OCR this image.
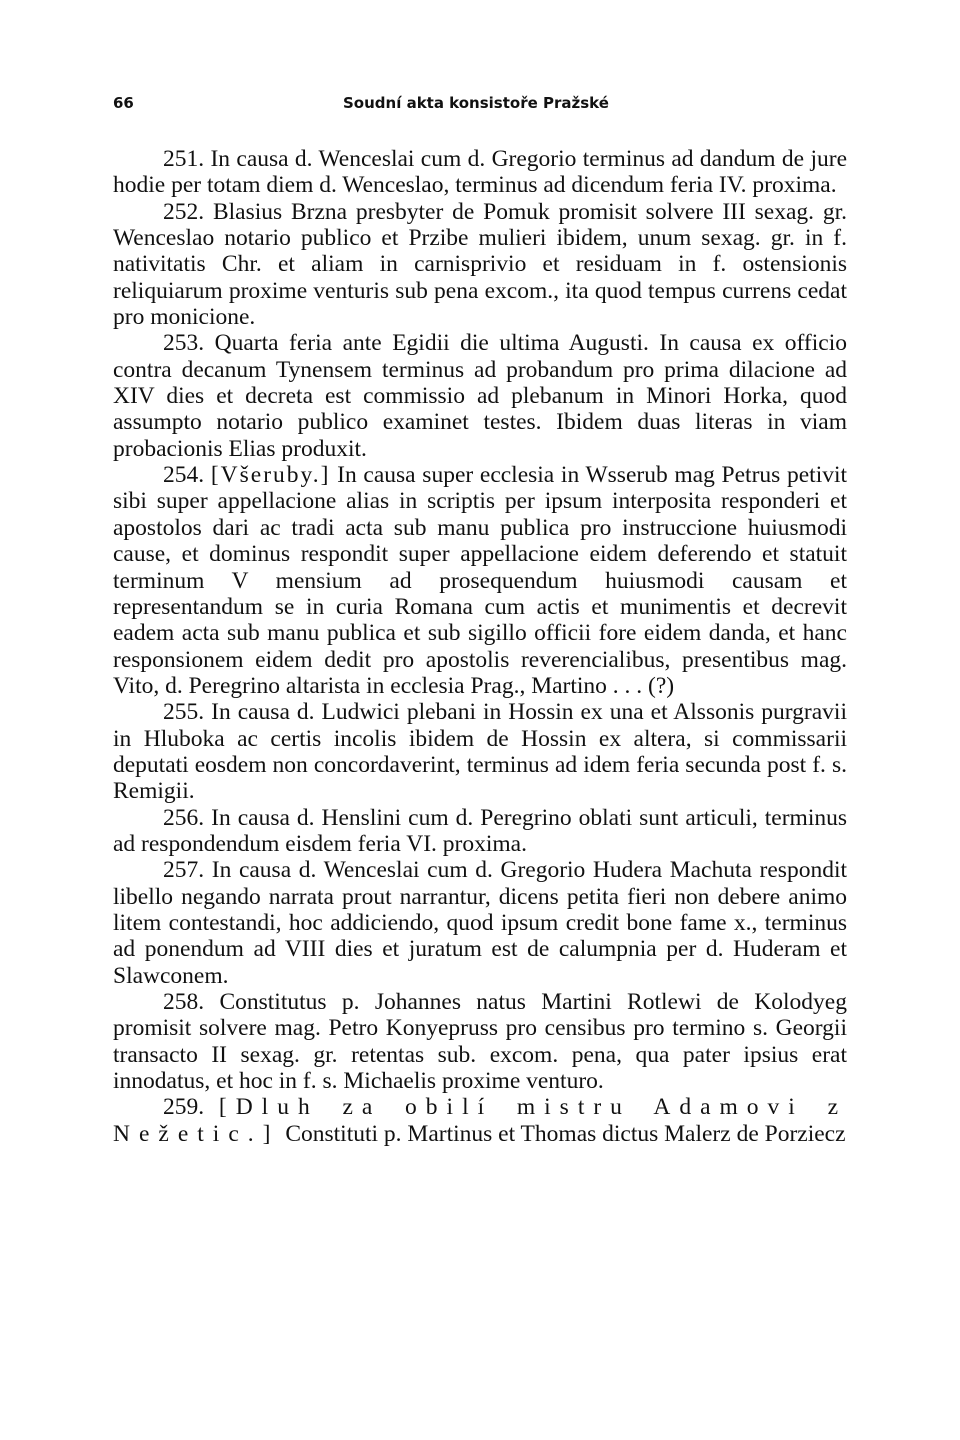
66	Soudní akta konsistoře Pražské

251. In causa d. Wenceslai cum d. Gregorio terminus ad dandum de jure hodie per totam diem d. Wenceslao, terminus ad dicendum feria IV. proxima.

252. Blasius Brzna presbyter de Pomuk promisit solvere III sexag. gr. Wenceslao notario publico et Przibe mulieri ibidem, unum sexag. gr. in f. nativitatis Chr. et aliam in carnisprivio et residuam in f. ostensionis reliquiarum proxime venturis sub pena excom., ita quod tempus currens cedat pro monicione.

253. Quarta feria ante Egidii die ultima Augusti. In causa ex officio contra decanum Tynensem terminus ad probandum pro prima dilacione ad XIV dies et decreta est commissio ad plebanum in Minori Horka, quod assumpto notario publico examinet testes. Ibidem duas literas in viam probacionis Elias produxit.

254. [Všeruby.] In causa super ecclesia in Wsserub mag Petrus petivit sibi super appellacione alias in scriptis per ipsum interposita responderi et apostolos dari ac tradi acta sub manu publica pro instruccione huiusmodi cause, et dominus respondit super appellacione eidem deferendo et statuit terminum V mensium ad prosequendum huiusmodi causam et representandum se in curia Romana cum actis et munimentis et decrevit eadem acta sub manu publica et sub sigillo officii fore eidem danda, et hanc responsionem eidem dedit pro apostolis reverencialibus, presentibus mag. Vito, d. Peregrino altarista in ecclesia Prag., Martino . . . (?)

255. In causa d. Ludwici plebani in Hossin ex una et Alssonis purgravii in Hluboka ac certis incolis ibidem de Hossin ex altera, si commissarii deputati eosdem non concordaverint, terminus ad idem feria secunda post f. s. Remigii.

256. In causa d. Henslini cum d. Peregrino oblati sunt articuli, terminus ad respondendum eisdem feria VI. proxima.

257. In causa d. Wenceslai cum d. Gregorio Hudera Machuta respondit libello negando narrata prout narrantur, dicens petita fieri non debere animo litem contestandi, hoc addiciendo, quod ipsum credit bone fame x., terminus ad ponendum ad VIII dies et juratum est de calumpnia per d. Huderam et Slawconem.

258. Constitutus p. Johannes natus Martini Rotlewi de Kolodyeg promisit solvere mag. Petro Konyepruss pro censibus pro termino s. Georgii transacto II sexag. gr. retentas sub. excom. pena, qua pater ipsius erat innodatus, et hoc in f. s. Michaelis proxime venturo.

259. [Dluh za obilí mistru Adamovi z Nežetic.] Constituti p. Martinus et Thomas dictus Malerz de Porziecz
